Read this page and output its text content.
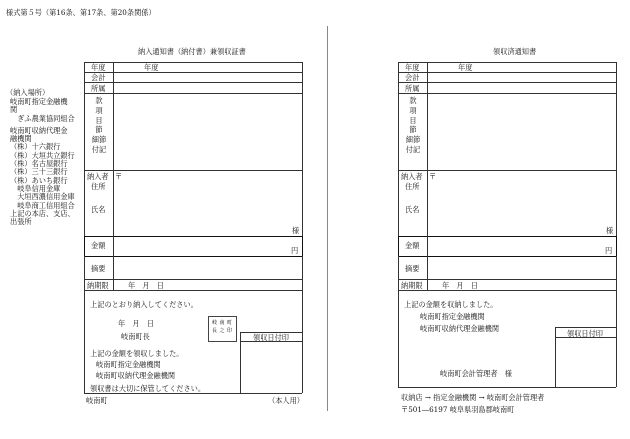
様式第５号（第16条、第17条、第20条関係）
納入通知書（納付書）兼領収証書
（納入場所）
岐南町指定金融機
関
　ぎふ農業協同組合
岐南町収納代理金
融機関
（株）十六銀行
（株）大垣共立銀行
（株）名古屋銀行
（株）三十三銀行
（株）あいち銀行
　岐阜信用金庫
　大垣西濃信用金庫
　岐阜商工信用組合
上記の本店、支店、
出張所
年度	年度
会計
所属
款
項
目
節
細節
付記
納入者 〒
住所
氏名
様
金額
円
摘要
納期限	年　月　日
上記のとおり納入してください。
年　月　日
岐南町長
岐 南 町
長 之 印
領収日付印
上記の金額を領収しました。
岐南町指定金融機関
岐南町収納代理金融機関
領収書は大切に保管してください。
岐南町	（本人用）
領収済通知書
年度	年度
会計
所属
款
項
目
節
細節
付記
納入者 〒
住所
氏名
様
金額
円
摘要
納期限	年　月　日
上記の金額を収納しました。
岐南町指定金融機関
岐南町収納代理金融機関
領収日付印
岐南町会計管理者　様
収納店 → 指定金融機関 → 岐南町会計管理者
〒501―6197 岐阜県羽島郡岐南町
